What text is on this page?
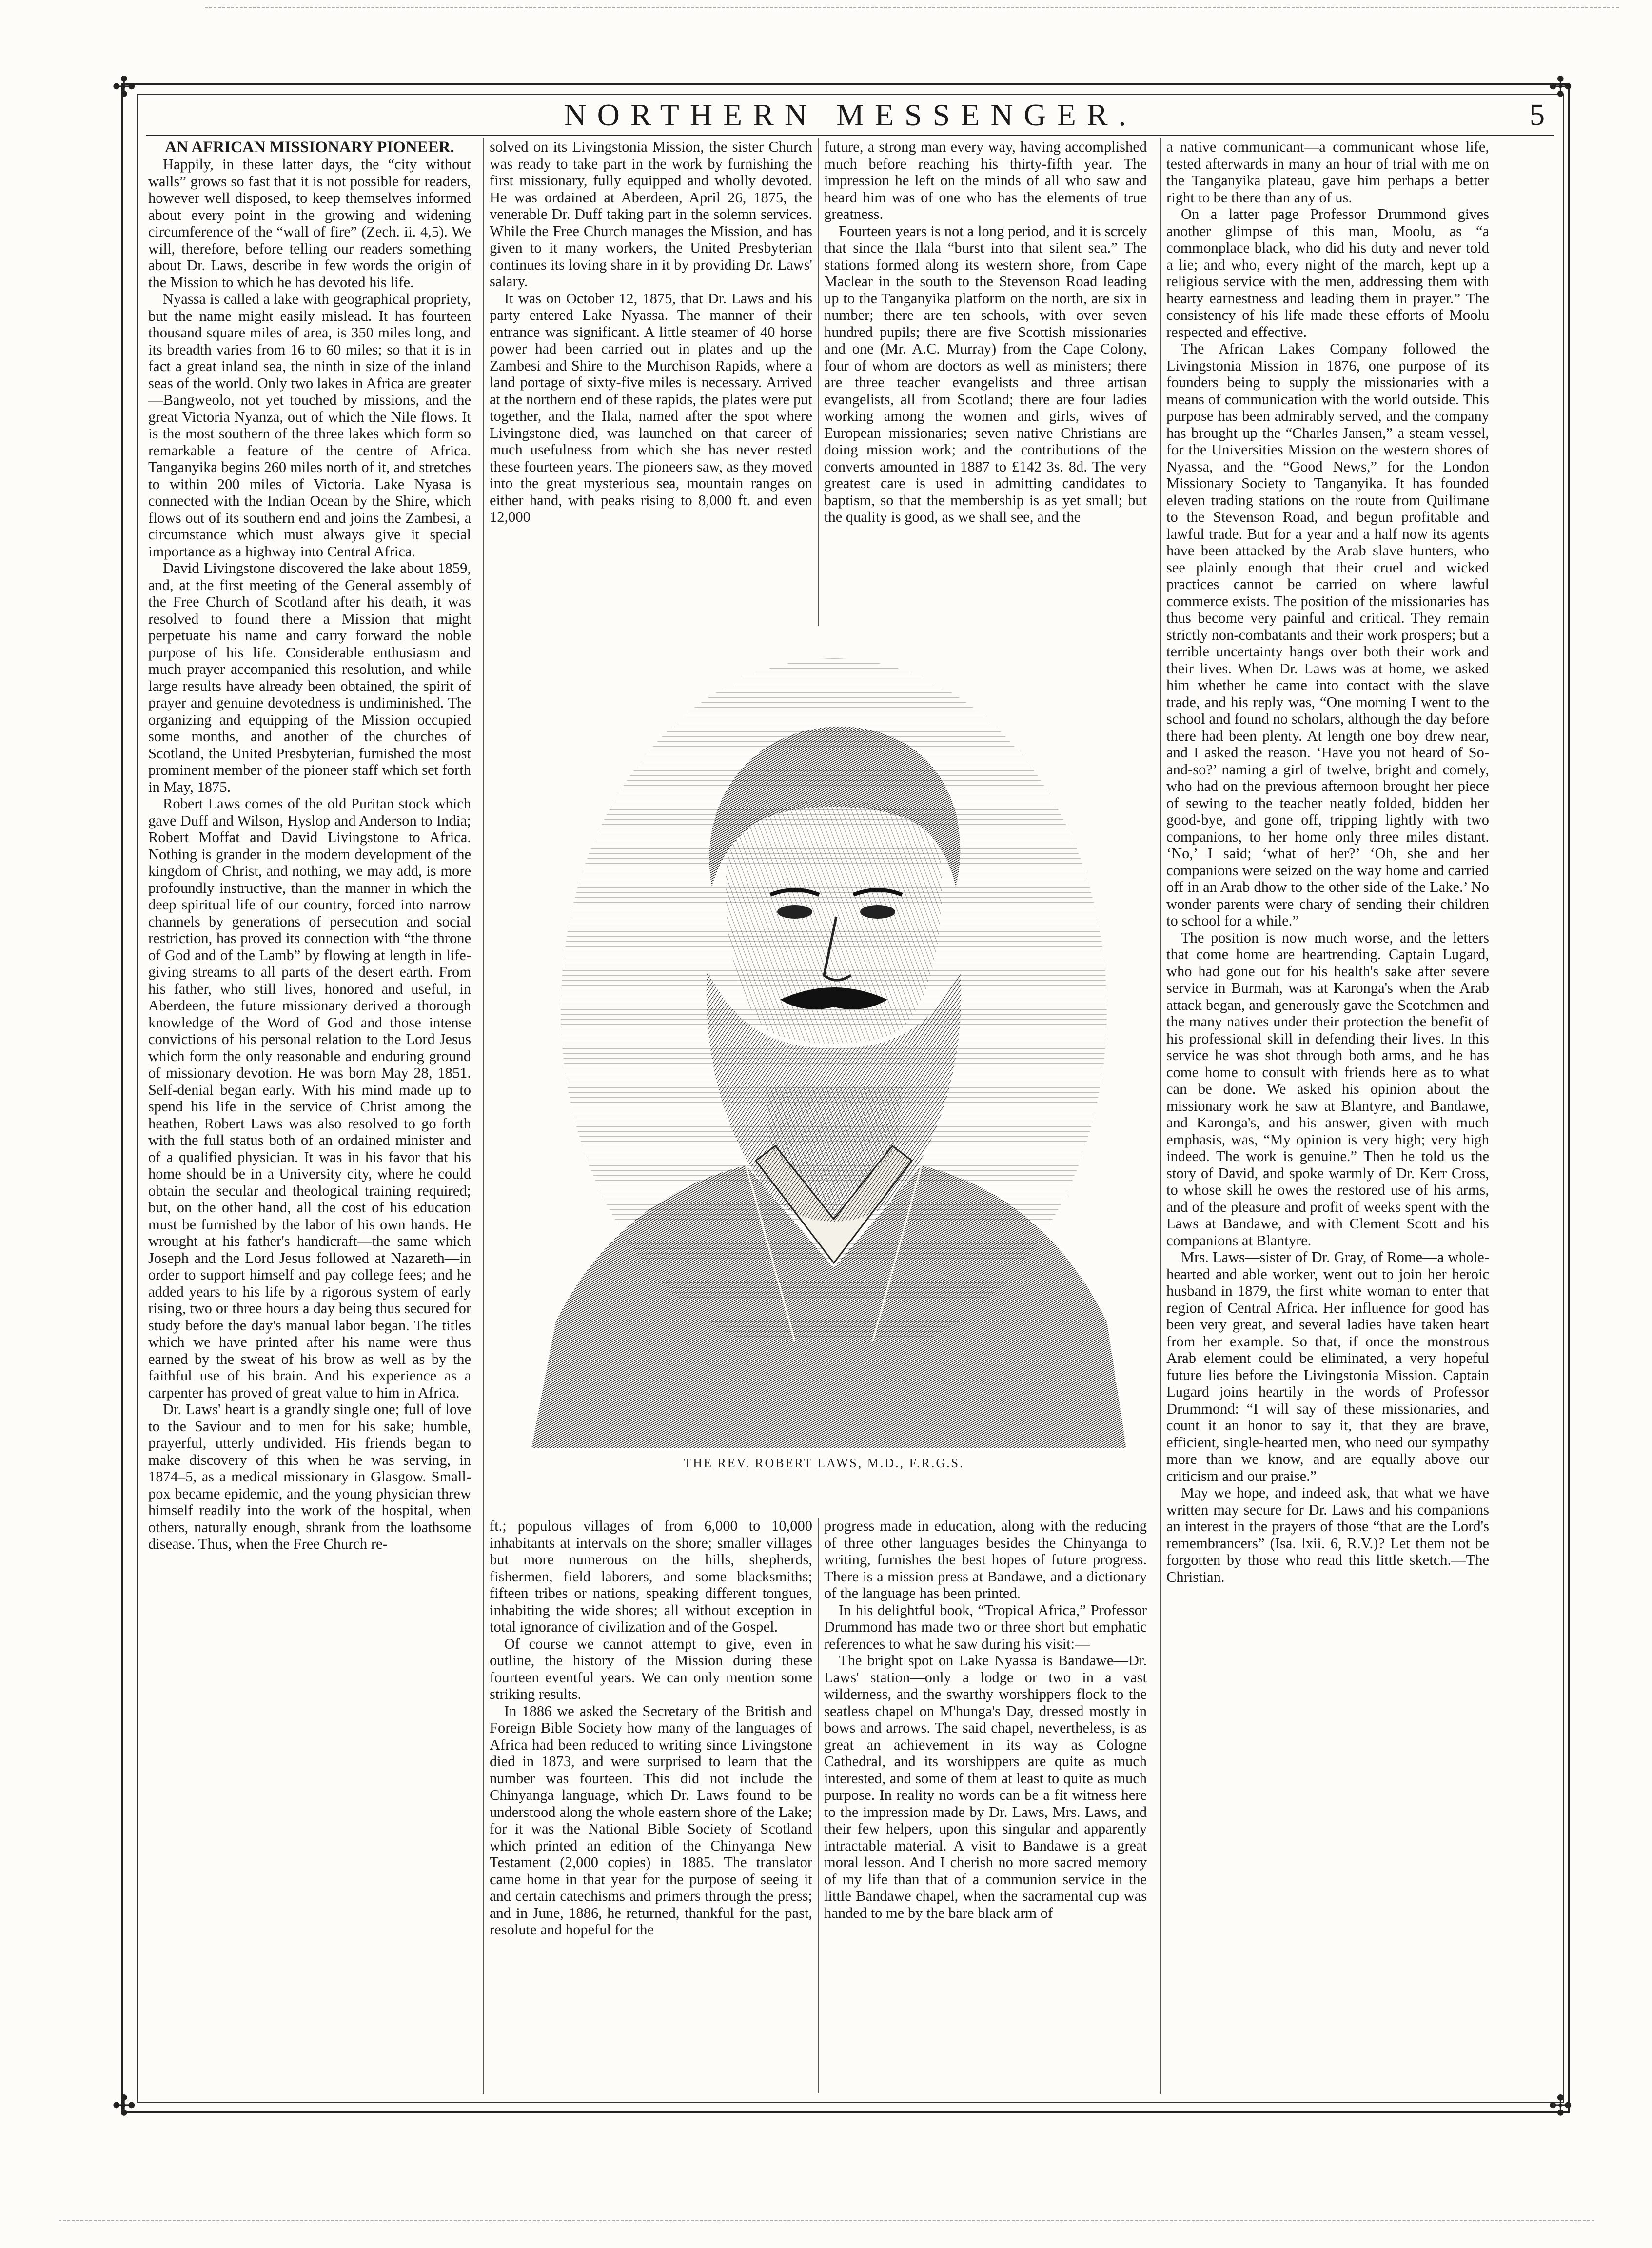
✣	✣
✣	✣
NORTHERN MESSENGER.	5

AN AFRICAN MISSIONARY PIONEER.

Happily, in these latter days, the “city without walls” grows so fast that it is not possible for readers, however well disposed, to keep themselves informed about every point in the growing and widening circumference of the “wall of fire” (Zech. ii. 4,5). We will, therefore, before telling our readers something about Dr. Laws, describe in few words the origin of the Mission to which he has devoted his life.

Nyassa is called a lake with geographical propriety, but the name might easily mislead. It has fourteen thousand square miles of area, is 350 miles long, and its breadth varies from 16 to 60 miles; so that it is in fact a great inland sea, the ninth in size of the inland seas of the world. Only two lakes in Africa are greater—Bangweolo, not yet touched by missions, and the great Victoria Nyanza, out of which the Nile flows. It is the most southern of the three lakes which form so remarkable a feature of the centre of Africa. Tanganyika begins 260 miles north of it, and stretches to within 200 miles of Victoria. Lake Nyasa is connected with the Indian Ocean by the Shire, which flows out of its southern end and joins the Zambesi, a circumstance which must always give it special importance as a highway into Central Africa.

David Livingstone discovered the lake about 1859, and, at the first meeting of the General assembly of the Free Church of Scotland after his death, it was resolved to found there a Mission that might perpetuate his name and carry forward the noble purpose of his life. Considerable enthusiasm and much prayer accompanied this resolution, and while large results have already been obtained, the spirit of prayer and genuine devotedness is undiminished. The organizing and equipping of the Mission occupied some months, and another of the churches of Scotland, the United Presbyterian, furnished the most prominent member of the pioneer staff which set forth in May, 1875.

Robert Laws comes of the old Puritan stock which gave Duff and Wilson, Hyslop and Anderson to India; Robert Moffat and David Livingstone to Africa. Nothing is grander in the modern development of the kingdom of Christ, and nothing, we may add, is more profoundly instructive, than the manner in which the deep spiritual life of our country, forced into narrow channels by generations of persecution and social restriction, has proved its connection with “the throne of God and of the Lamb” by flowing at length in life-giving streams to all parts of the desert earth. From his father, who still lives, honored and useful, in Aberdeen, the future missionary derived a thorough knowledge of the Word of God and those intense convictions of his personal relation to the Lord Jesus which form the only reasonable and enduring ground of missionary devotion. He was born May 28, 1851. Self-denial began early. With his mind made up to spend his life in the service of Christ among the heathen, Robert Laws was also resolved to go forth with the full status both of an ordained minister and of a qualified physician. It was in his favor that his home should be in a University city, where he could obtain the secular and theological training required; but, on the other hand, all the cost of his education must be furnished by the labor of his own hands. He wrought at his father's handicraft—the same which Joseph and the Lord Jesus followed at Nazareth—in order to support himself and pay college fees; and he added years to his life by a rigorous system of early rising, two or three hours a day being thus secured for study before the day's manual labor began. The titles which we have printed after his name were thus earned by the sweat of his brow as well as by the faithful use of his brain. And his experience as a carpenter has proved of great value to him in Africa.

Dr. Laws' heart is a grandly single one; full of love to the Saviour and to men for his sake; humble, prayerful, utterly undivided. His friends began to make discovery of this when he was serving, in 1874–5, as a medical missionary in Glasgow. Small-pox became epidemic, and the young physician threw himself readily into the work of the hospital, when others, naturally enough, shrank from the loathsome disease. Thus, when the Free Church re-

solved on its Livingstonia Mission, the sister Church was ready to take part in the work by furnishing the first missionary, fully equipped and wholly devoted. He was ordained at Aberdeen, April 26, 1875, the venerable Dr. Duff taking part in the solemn services. While the Free Church manages the Mission, and has given to it many workers, the United Presbyterian continues its loving share in it by providing Dr. Laws' salary.

It was on October 12, 1875, that Dr. Laws and his party entered Lake Nyassa. The manner of their entrance was significant. A little steamer of 40 horse power had been carried out in plates and up the Zambesi and Shire to the Murchison Rapids, where a land portage of sixty-five miles is necessary. Arrived at the northern end of these rapids, the plates were put together, and the Ilala, named after the spot where Livingstone died, was launched on that career of much usefulness from which she has never rested these fourteen years. The pioneers saw, as they moved into the great mysterious sea, mountain ranges on either hand, with peaks rising to 8,000 ft. and even 12,000

future, a strong man every way, having accomplished much before reaching his thirty-fifth year. The impression he left on the minds of all who saw and heard him was of one who has the elements of true greatness.

Fourteen years is not a long period, and it is scrcely that since the Ilala “burst into that silent sea.” The stations formed along its western shore, from Cape Maclear in the south to the Stevenson Road leading up to the Tanganyika platform on the north, are six in number; there are ten schools, with over seven hundred pupils; there are five Scottish missionaries and one (Mr. A.C. Murray) from the Cape Colony, four of whom are doctors as well as ministers; there are three teacher evangelists and three artisan evangelists, all from Scotland; there are four ladies working among the women and girls, wives of European missionaries; seven native Christians are doing mission work; and the contributions of the converts amounted in 1887 to £142 3s. 8d. The very greatest care is used in admitting candidates to baptism, so that the membership is as yet small; but the quality is good, as we shall see, and the

THE REV. ROBERT LAWS, M.D., F.R.G.S.

ft.; populous villages of from 6,000 to 10,000 inhabitants at intervals on the shore; smaller villages but more numerous on the hills, shepherds, fishermen, field laborers, and some blacksmiths; fifteen tribes or nations, speaking different tongues, inhabiting the wide shores; all without exception in total ignorance of civilization and of the Gospel.

Of course we cannot attempt to give, even in outline, the history of the Mission during these fourteen eventful years. We can only mention some striking results.

In 1886 we asked the Secretary of the British and Foreign Bible Society how many of the languages of Africa had been reduced to writing since Livingstone died in 1873, and were surprised to learn that the number was fourteen. This did not include the Chinyanga language, which Dr. Laws found to be understood along the whole eastern shore of the Lake; for it was the National Bible Society of Scotland which printed an edition of the Chinyanga New Testament (2,000 copies) in 1885. The translator came home in that year for the purpose of seeing it and certain catechisms and primers through the press; and in June, 1886, he returned, thankful for the past, resolute and hopeful for the

progress made in education, along with the reducing of three other languages besides the Chinyanga to writing, furnishes the best hopes of future progress. There is a mission press at Bandawe, and a dictionary of the language has been printed.

In his delightful book, “Tropical Africa,” Professor Drummond has made two or three short but emphatic references to what he saw during his visit:—

The bright spot on Lake Nyassa is Bandawe—Dr. Laws' station—only a lodge or two in a vast wilderness, and the swarthy worshippers flock to the seatless chapel on M'hunga's Day, dressed mostly in bows and arrows. The said chapel, nevertheless, is as great an achievement in its way as Cologne Cathedral, and its worshippers are quite as much interested, and some of them at least to quite as much purpose. In reality no words can be a fit witness here to the impression made by Dr. Laws, Mrs. Laws, and their few helpers, upon this singular and apparently intractable material. A visit to Bandawe is a great moral lesson. And I cherish no more sacred memory of my life than that of a communion service in the little Bandawe chapel, when the sacramental cup was handed to me by the bare black arm of

a native communicant—a communicant whose life, tested afterwards in many an hour of trial with me on the Tanganyika plateau, gave him perhaps a better right to be there than any of us.

On a latter page Professor Drummond gives another glimpse of this man, Moolu, as “a commonplace black, who did his duty and never told a lie; and who, every night of the march, kept up a religious service with the men, addressing them with hearty earnestness and leading them in prayer.” The consistency of his life made these efforts of Moolu respected and effective.

The African Lakes Company followed the Livingstonia Mission in 1876, one purpose of its founders being to supply the missionaries with a means of communication with the world outside. This purpose has been admirably served, and the company has brought up the “Charles Jansen,” a steam vessel, for the Universities Mission on the western shores of Nyassa, and the “Good News,” for the London Missionary Society to Tanganyika. It has founded eleven trading stations on the route from Quilimane to the Stevenson Road, and begun profitable and lawful trade. But for a year and a half now its agents have been attacked by the Arab slave hunters, who see plainly enough that their cruel and wicked practices cannot be carried on where lawful commerce exists. The position of the missionaries has thus become very painful and critical. They remain strictly non-combatants and their work prospers; but a terrible uncertainty hangs over both their work and their lives. When Dr. Laws was at home, we asked him whether he came into contact with the slave trade, and his reply was, “One morning I went to the school and found no scholars, although the day before there had been plenty. At length one boy drew near, and I asked the reason. ‘Have you not heard of So-and-so?’ naming a girl of twelve, bright and comely, who had on the previous afternoon brought her piece of sewing to the teacher neatly folded, bidden her good-bye, and gone off, tripping lightly with two companions, to her home only three miles distant. ‘No,’ I said; ‘what of her?’ ‘Oh, she and her companions were seized on the way home and carried off in an Arab dhow to the other side of the Lake.’ No wonder parents were chary of sending their children to school for a while.”

The position is now much worse, and the letters that come home are heartrending. Captain Lugard, who had gone out for his health's sake after severe service in Burmah, was at Karonga's when the Arab attack began, and generously gave the Scotchmen and the many natives under their protection the benefit of his professional skill in defending their lives. In this service he was shot through both arms, and he has come home to consult with friends here as to what can be done. We asked his opinion about the missionary work he saw at Blantyre, and Bandawe, and Karonga's, and his answer, given with much emphasis, was, “My opinion is very high; very high indeed. The work is genuine.” Then he told us the story of David, and spoke warmly of Dr. Kerr Cross, to whose skill he owes the restored use of his arms, and of the pleasure and profit of weeks spent with the Laws at Bandawe, and with Clement Scott and his companions at Blantyre.

Mrs. Laws—sister of Dr. Gray, of Rome—a whole-hearted and able worker, went out to join her heroic husband in 1879, the first white woman to enter that region of Central Africa. Her influence for good has been very great, and several ladies have taken heart from her example. So that, if once the monstrous Arab element could be eliminated, a very hopeful future lies before the Livingstonia Mission. Captain Lugard joins heartily in the words of Professor Drummond: “I will say of these missionaries, and count it an honor to say it, that they are brave, efficient, single-hearted men, who need our sympathy more than we know, and are equally above our criticism and our praise.”

May we hope, and indeed ask, that what we have written may secure for Dr. Laws and his companions an interest in the prayers of those “that are the Lord's remembrancers” (Isa. lxii. 6, R.V.)? Let them not be forgotten by those who read this little sketch.—The Christian.
